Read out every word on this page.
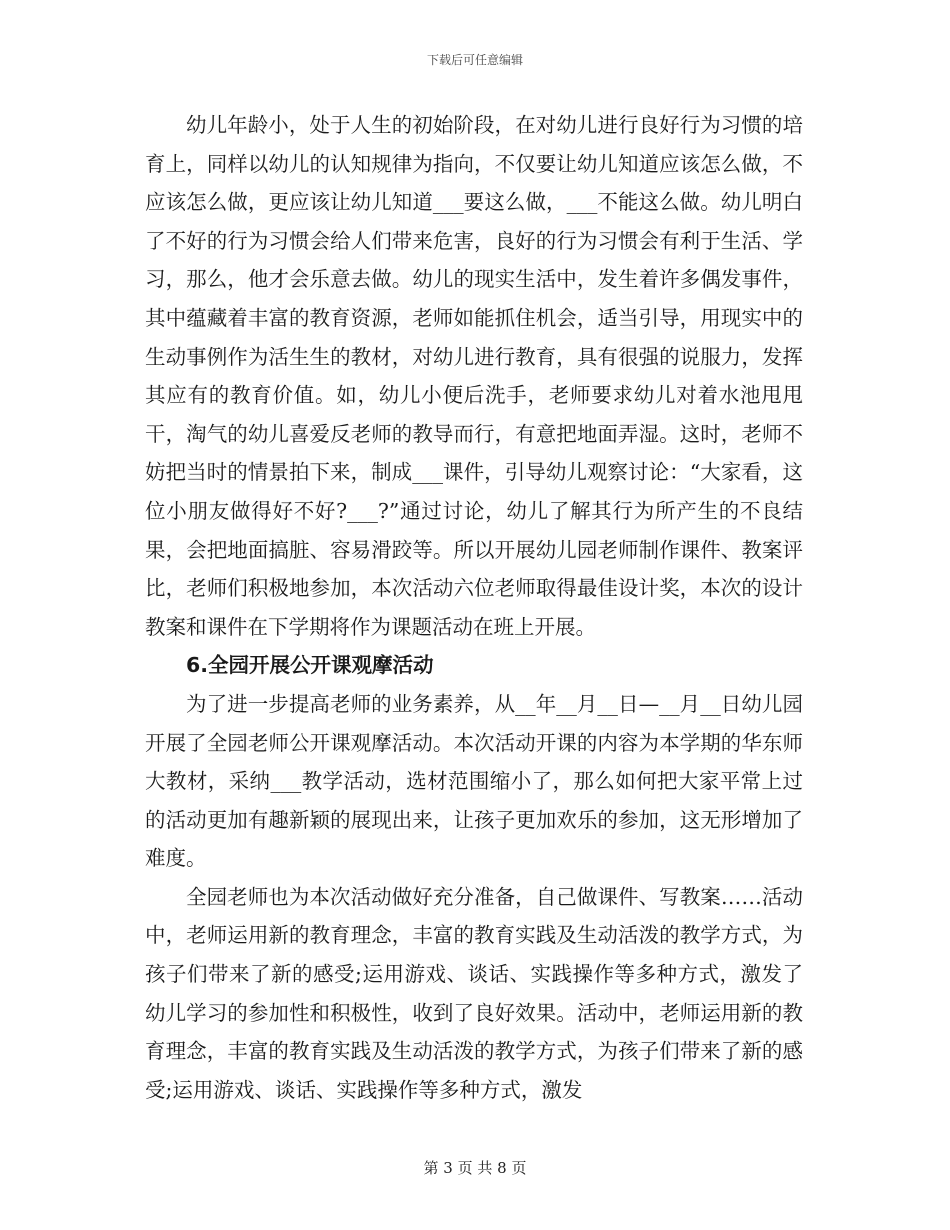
下载后可任意编辑

幼儿年龄小，处于人生的初始阶段，在对幼儿进行良好行为习惯的培育上，同样以幼儿的认知规律为指向，不仅要让幼儿知道应该怎么做，不应该怎么做，更应该让幼儿知道___要这么做，___不能这么做。幼儿明白了不好的行为习惯会给人们带来危害，良好的行为习惯会有利于生活、学习，那么，他才会乐意去做。幼儿的现实生活中，发生着许多偶发事件，其中蕴藏着丰富的教育资源，老师如能抓住机会，适当引导，用现实中的生动事例作为活生生的教材，对幼儿进行教育，具有很强的说服力，发挥其应有的教育价值。如，幼儿小便后洗手，老师要求幼儿对着水池甩甩干，淘气的幼儿喜爱反老师的教导而行，有意把地面弄湿。这时，老师不妨把当时的情景拍下来，制成___课件，引导幼儿观察讨论：“大家看，这位小朋友做得好不好?___?”通过讨论，幼儿了解其行为所产生的不良结果，会把地面搞脏、容易滑跤等。所以开展幼儿园老师制作课件、教案评比，老师们积极地参加，本次活动六位老师取得最佳设计奖，本次的设计教案和课件在下学期将作为课题活动在班上开展。

6.全园开展公开课观摩活动

为了进一步提高老师的业务素养，从__年__月__日—__月__日幼儿园开展了全园老师公开课观摩活动。本次活动开课的内容为本学期的华东师大教材，采纳___教学活动，选材范围缩小了，那么如何把大家平常上过的活动更加有趣新颖的展现出来，让孩子更加欢乐的参加，这无形增加了难度。

全园老师也为本次活动做好充分准备，自己做课件、写教案……活动中，老师运用新的教育理念，丰富的教育实践及生动活泼的教学方式，为孩子们带来了新的感受;运用游戏、谈话、实践操作等多种方式，激发了幼儿学习的参加性和积极性，收到了良好效果。活动中，老师运用新的教育理念，丰富的教育实践及生动活泼的教学方式，为孩子们带来了新的感受;运用游戏、谈话、实践操作等多种方式，激发

第 3 页 共 8 页
